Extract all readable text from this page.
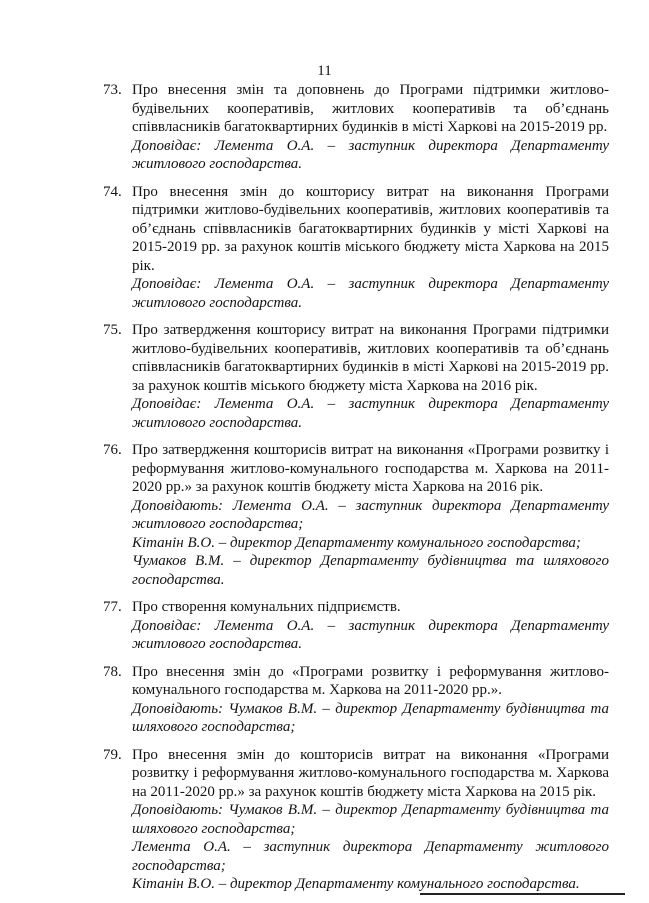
11
73. Про внесення змін та доповнень до Програми підтримки житлово-будівельних кооперативів, житлових кооперативів та об’єднань співвласників багатоквартирних будинків в місті Харкові на 2015-2019 рр.
Доповідає: Лемента О.А. – заступник директора Департаменту житлового господарства.
74. Про внесення змін до кошторису витрат на виконання Програми підтримки житлово-будівельних кооперативів, житлових кооперативів та об’єднань співвласників багатоквартирних будинків у місті Харкові на 2015-2019 рр. за рахунок коштів міського бюджету міста Харкова на 2015 рік.
Доповідає: Лемента О.А. – заступник директора Департаменту житлового господарства.
75. Про затвердження кошторису витрат на виконання Програми підтримки житлово-будівельних кооперативів, житлових кооперативів та об’єднань співвласників багатоквартирних будинків в місті Харкові на 2015-2019 рр. за рахунок коштів міського бюджету міста Харкова на 2016 рік.
Доповідає: Лемента О.А. – заступник директора Департаменту житлового господарства.
76. Про затвердження кошторисів витрат на виконання «Програми розвитку і реформування житлово-комунального господарства м. Харкова на 2011-2020 рр.» за рахунок коштів бюджету міста Харкова на 2016 рік.
Доповідають: Лемента О.А. – заступник директора Департаменту житлового господарства;
Кітанін В.О. – директор Департаменту комунального господарства;
Чумаков В.М. – директор Департаменту будівництва та шляхового господарства.
77. Про створення комунальних підприємств.
Доповідає: Лемента О.А. – заступник директора Департаменту житлового господарства.
78. Про внесення змін до «Програми розвитку і реформування житлово-комунального господарства м. Харкова на 2011-2020 рр.».
Доповідають: Чумаков В.М. – директор Департаменту будівництва та шляхового господарства;
79. Про внесення змін до кошторисів витрат на виконання «Програми розвитку і реформування житлово-комунального господарства м. Харкова на 2011-2020 рр.» за рахунок коштів бюджету міста Харкова на 2015 рік.
Доповідають: Чумаков В.М. – директор Департаменту будівництва та шляхового господарства;
Лемента О.А. – заступник директора Департаменту житлового господарства;
Кітанін В.О. – директор Департаменту комунального господарства.
